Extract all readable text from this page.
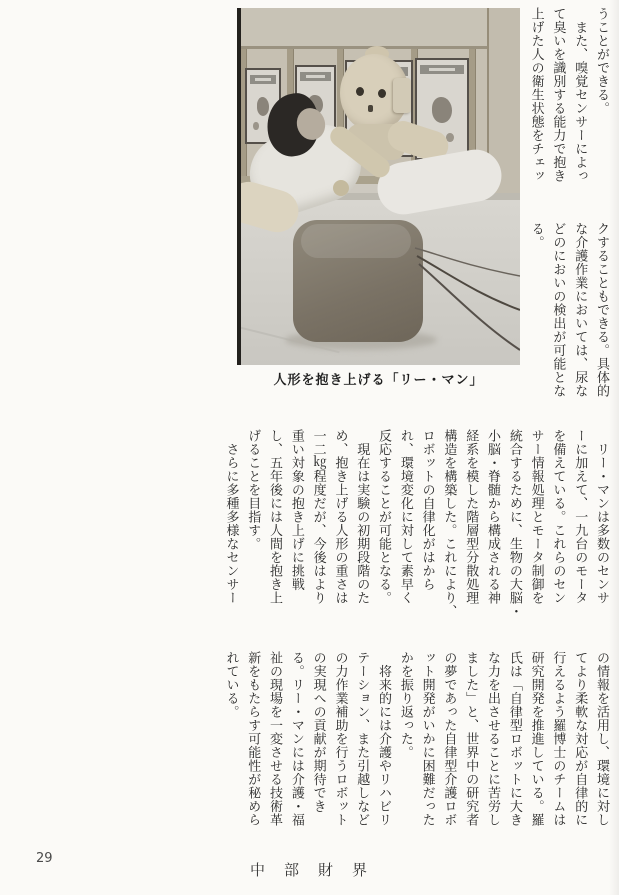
うことができる。
　また、嗅覚センサーによっ
て臭いを識別する能力で抱き
上げた人の衛生状態をチェッ
クすることもできる。具体的
な介護作業においては、尿な
どのにおいの検出が可能とな
る。
　リー・マンは多数のセンサ
ーに加えて、一九台のモータ
を備えている。これらのセン
サー情報処理とモータ制御を
統合するために、生物の大脳・
小脳・脊髄から構成される神
経系を模した階層型分散処理
構造を構築した。これにより、
ロボットの自律化がはから
れ、環境変化に対して素早く
反応することが可能となる。
　現在は実験の初期段階のた
め、抱き上げる人形の重さは
一二㎏程度だが、今後はより
重い対象の抱き上げに挑戦
し、五年後には人間を抱き上
げることを目指す。
　さらに多種多様なセンサー
の情報を活用し、環境に対し
てより柔軟な対応が自律的に
行えるよう羅博士のチームは
研究開発を推進している。羅
氏は「自律型ロボットに大き
な力を出させることに苦労し
ました」と、世界中の研究者
の夢であった自律型介護ロボ
ット開発がいかに困難だった
かを振り返った。
　将来的には介護やリハビリ
テーション、また引越しなど
の力作業補助を行うロボット
の実現への貢献が期待でき
る。リー・マンには介護・福
祉の現場を一変させる技術革
新をもたらす可能性が秘めら
れている。
人形を抱き上げる「リー・マン」
29
中　部　財　界
